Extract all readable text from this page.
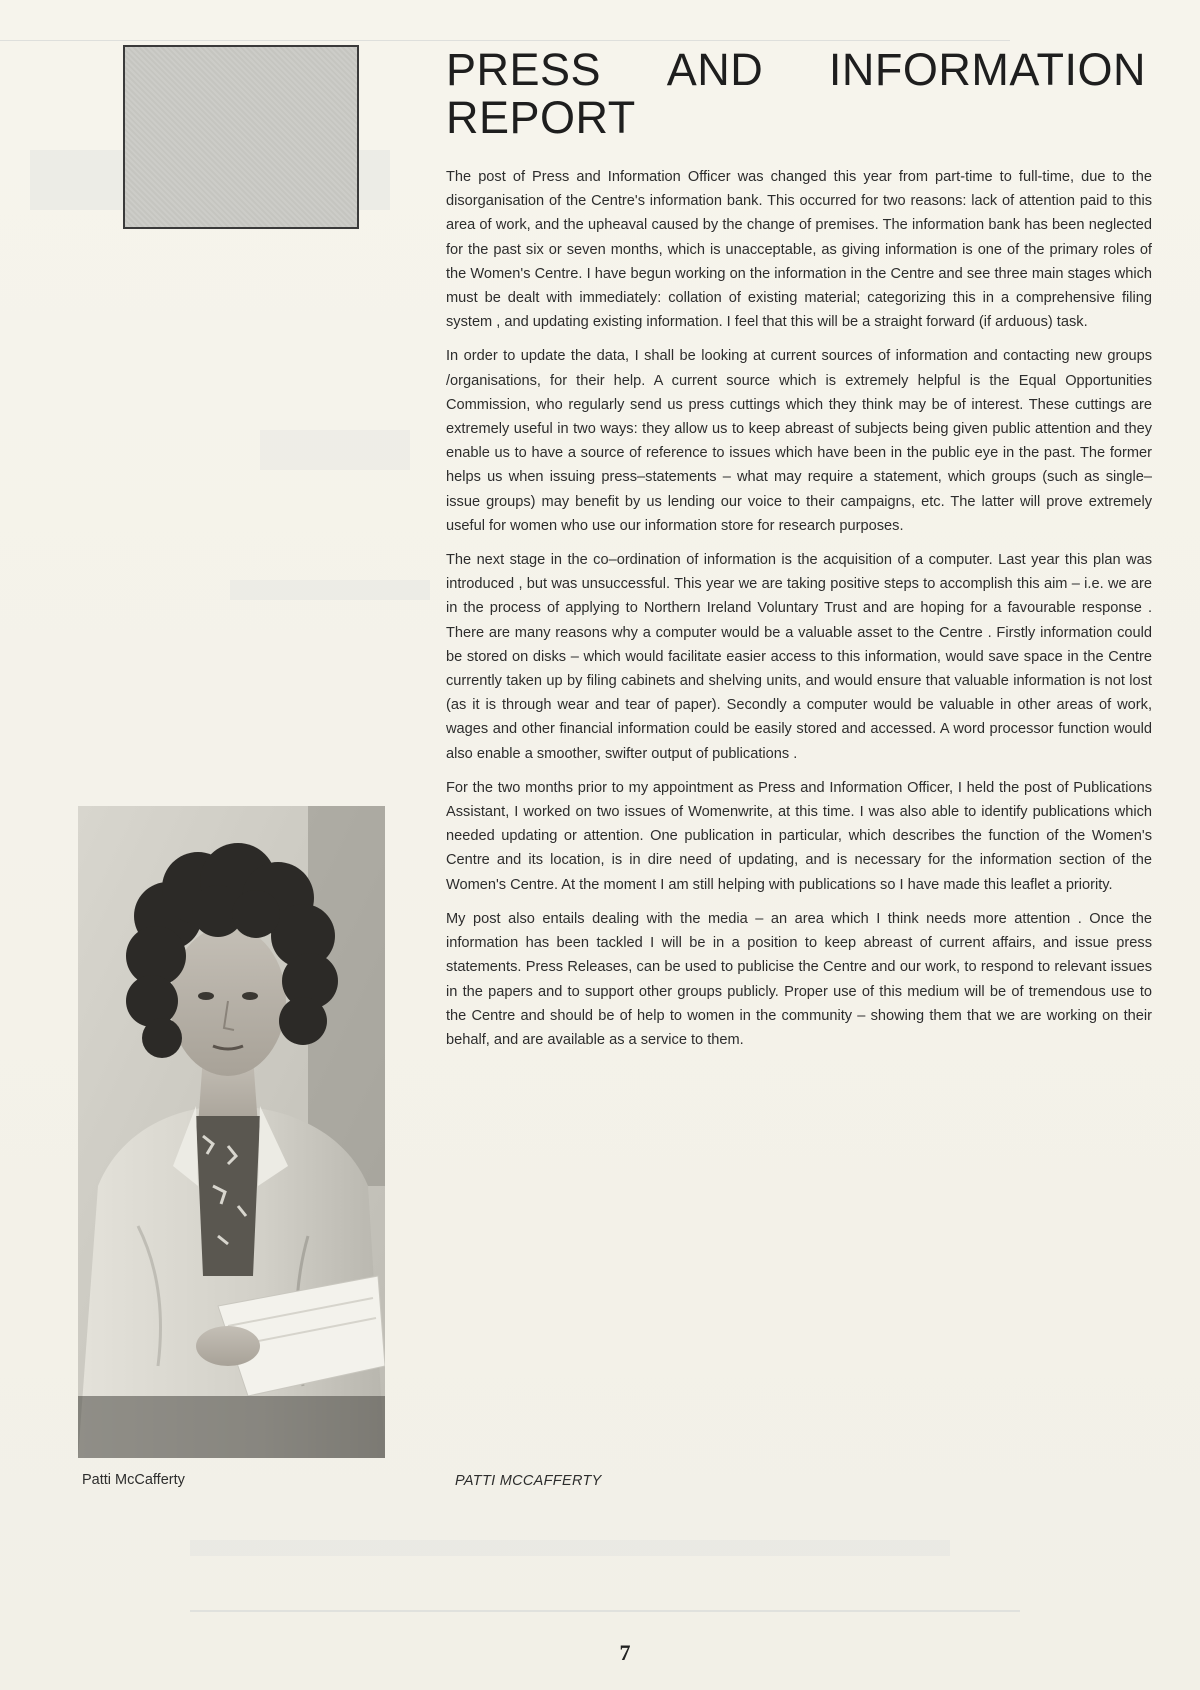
PRESS AND INFORMATION
REPORT

The post of Press and Information Officer was changed this year from part-time to full-time, due to the disorganisation of the Centre's information bank. This occurred for two reasons: lack of attention paid to this area of work, and the upheaval caused by the change of premises. The information bank has been neglected for the past six or seven months, which is unacceptable, as giving information is one of the primary roles of the Women's Centre. I have begun working on the information in the Centre and see three main stages which must be dealt with immediately: collation of existing material; categorizing this in a comprehensive filing system , and updating existing information. I feel that this will be a straight forward (if arduous) task.

In order to update the data, I shall be looking at current sources of information and contacting new groups /organisations, for their help. A current source which is extremely helpful is the Equal Opportunities Commission, who regularly send us press cuttings which they think may be of interest. These cuttings are extremely useful in two ways: they allow us to keep abreast of subjects being given public attention and they enable us to have a source of reference to issues which have been in the public eye in the past. The former helps us when issuing press–statements – what may require a statement, which groups (such as single–issue groups) may benefit by us lending our voice to their campaigns, etc. The latter will prove extremely useful for women who use our information store for research purposes.

The next stage in the co–ordination of information is the acquisition of a computer. Last year this plan was introduced , but was unsuccessful. This year we are taking positive steps to accomplish this aim – i.e. we are in the process of applying to Northern Ireland Voluntary Trust and are hoping for a favourable response . There are many reasons why a computer would be a valuable asset to the Centre . Firstly information could be stored on disks – which would facilitate easier access to this information, would save space in the Centre currently taken up by filing cabinets and shelving units, and would ensure that valuable information is not lost (as it is through wear and tear of paper). Secondly a computer would be valuable in other areas of work, wages and other financial information could be easily stored and accessed. A word processor function would also enable a smoother, swifter output of publications .

For the two months prior to my appointment as Press and Information Officer, I held the post of Publications Assistant, I worked on two issues of Womenwrite, at this time. I was also able to identify publications which needed updating or attention. One publication in particular, which describes the function of the Women's Centre and its location, is in dire need of updating, and is necessary for the information section of the Women's Centre. At the moment I am still helping with publications so I have made this leaflet a priority.

My post also entails dealing with the media – an area which I think needs more attention . Once the information has been tackled I will be in a position to keep abreast of current affairs, and issue press statements. Press Releases, can be used to publicise the Centre and our work, to respond to relevant issues in the papers and to support other groups publicly. Proper use of this medium will be of tremendous use to the Centre and should be of help to women in the community – showing them that we are working on their behalf, and are available as a service to them.

PATTI MCCAFFERTY
Patti McCafferty
7
